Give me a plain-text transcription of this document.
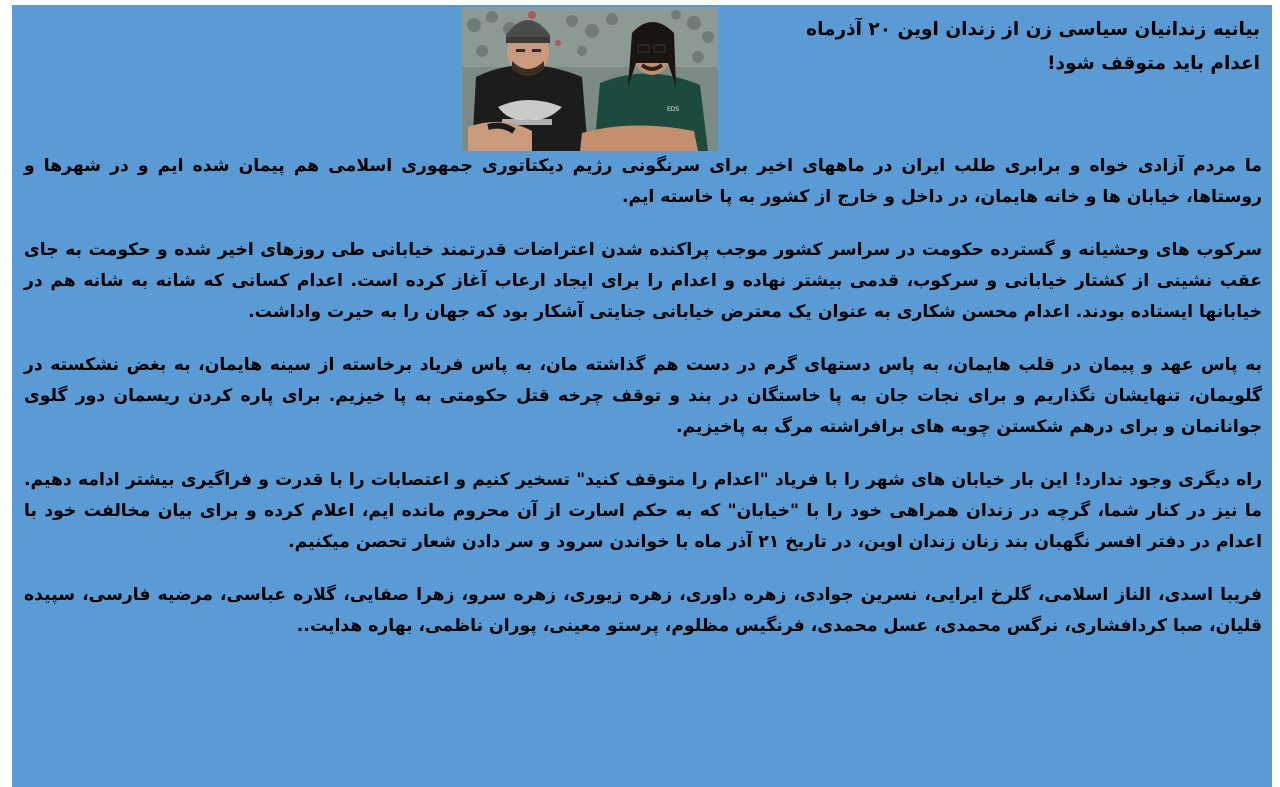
EDS
بیانیه زندانیان سیاسی زن از زندان اوین ۲۰ آذرماه
اعدام باید متوقف شود!

ما مردم آزادی خواه و برابری طلب ایران در ماههای اخیر برای سرنگونی رژیم دیکتاتوری جمهوری اسلامی هم پیمان شده ایم و در شهرها و روستاها، خیابان ها و خانه هایمان، در داخل و خارج از کشور به پا خاسته ایم.

سرکوب های وحشیانه و گسترده حکومت در سراسر کشور موجب پراکنده شدن اعتراضات قدرتمند خیابانی طی روزهای اخیر شده و حکومت به جای عقب نشینی از کشتار خیابانی و سرکوب، قدمی بیشتر نهاده و اعدام را برای ایجاد ارعاب آغاز کرده است. اعدام کسانی که شانه به شانه هم در خیابانها ایستاده بودند. اعدام محسن شکاری به عنوان یک معترض خیابانی جنایتی آشکار بود که جهان را به حیرت واداشت.

به پاس عهد و پیمان در قلب هایمان، به پاس دستهای گرم در دست هم گذاشته مان، به پاس فریاد برخاسته از سینه هایمان، به بغض نشکسته در گلویمان، تنهایشان نگذاریم و برای نجات جان به پا خاستگان در بند و توقف چرخه قتل حکومتی به پا خیزیم. برای پاره کردن ریسمان دور گلوی جوانانمان و برای درهم شکستن چوبه های برافراشته مرگ به پاخیزیم.

راه دیگری وجود ندارد! این بار خیابان های شهر را با فریاد "اعدام را متوقف کنید" تسخیر کنیم و اعتصابات را با قدرت و فراگیری بیشتر ادامه دهیم. ما نیز در کنار شما، گرچه در زندان همراهی خود را با "خیابان" که به حکم اسارت از آن محروم مانده ایم، اعلام کرده و برای بیان مخالفت خود با اعدام در دفتر افسر نگهبان بند زنان زندان اوین، در تاریخ ۲۱ آذر ماه با خواندن سرود و سر دادن شعار تحصن میکنیم.

فریبا اسدی، الناز اسلامی، گلرخ ایرایی، نسرین جوادی، زهره داوری، زهره زیوری، زهره سرو، زهرا صفایی، گلاره عباسی، مرضیه فارسی، سپیده قلیان، صبا کردافشاری، نرگس محمدی، عسل محمدی، فرنگیس مظلوم، پرستو معینی، پوران ناظمی، بهاره هدایت..
